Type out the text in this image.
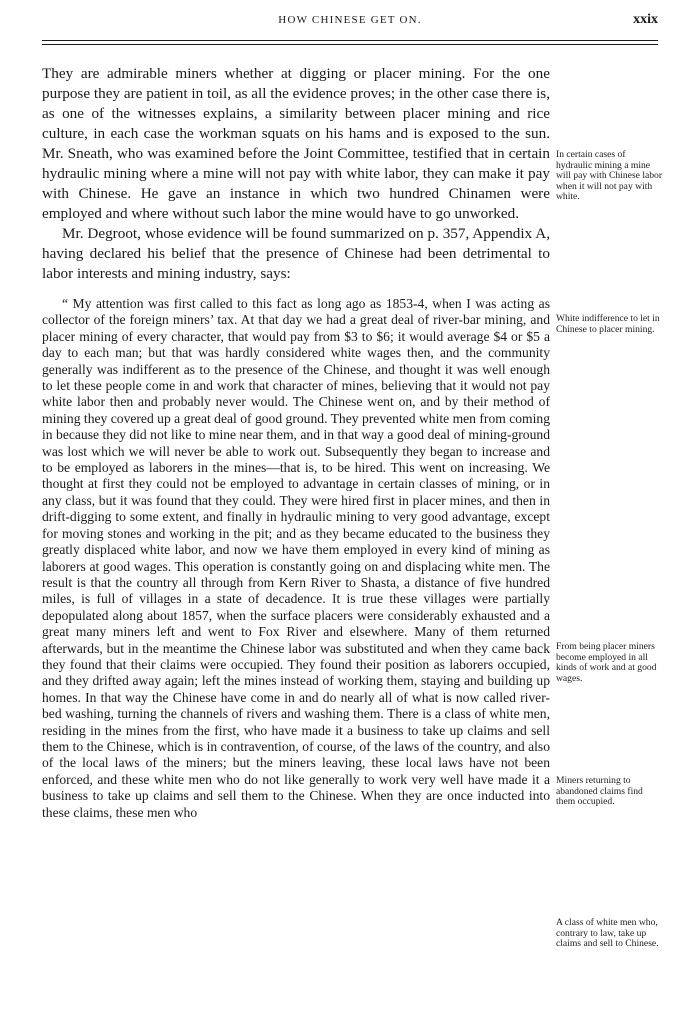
HOW CHINESE GET ON.	xxix

They are admirable miners whether at digging or placer mining. For the one purpose they are patient in toil, as all the evidence proves; in the other case there is, as one of the witnesses explains, a similarity between placer mining and rice culture, in each case the workman squats on his hams and is exposed to the sun. Mr. Sneath, who was examined before the Joint Committee, testified that in certain hydraulic mining where a mine will not pay with white labor, they can make it pay with Chinese. He gave an instance in which two hundred Chinamen were employed and where without such labor the mine would have to go unworked.

Mr. Degroot, whose evidence will be found summarized on p. 357, Appendix A, having declared his belief that the presence of Chinese had been detrimental to labor interests and mining industry, says:

“ My attention was first called to this fact as long ago as 1853-4, when I was acting as collector of the foreign miners’ tax. At that day we had a great deal of river-bar mining, and placer mining of every character, that would pay from $3 to $6; it would average $4 or $5 a day to each man; but that was hardly considered white wages then, and the community generally was indifferent as to the presence of the Chinese, and thought it was well enough to let these people come in and work that character of mines, believing that it would not pay white labor then and probably never would. The Chinese went on, and by their method of mining they covered up a great deal of good ground. They prevented white men from coming in because they did not like to mine near them, and in that way a good deal of mining-ground was lost which we will never be able to work out. Subsequently they began to increase and to be employed as laborers in the mines—that is, to be hired. This went on increasing. We thought at first they could not be employed to advantage in certain classes of mining, or in any class, but it was found that they could. They were hired first in placer mines, and then in drift-digging to some extent, and finally in hydraulic mining to very good advantage, except for moving stones and working in the pit; and as they became educated to the business they greatly displaced white labor, and now we have them employed in every kind of mining as laborers at good wages. This operation is constantly going on and displacing white men. The result is that the country all through from Kern River to Shasta, a distance of five hundred miles, is full of villages in a state of decadence. It is true these villages were partially depopulated along about 1857, when the surface placers were considerably exhausted and a great many miners left and went to Fox River and elsewhere. Many of them returned afterwards, but in the meantime the Chinese labor was substituted and when they came back they found that their claims were occupied. They found their position as laborers occupied, and they drifted away again; left the mines instead of working them, staying and building up homes. In that way the Chinese have come in and do nearly all of what is now called river-bed washing, turning the channels of rivers and washing them. There is a class of white men, residing in the mines from the first, who have made it a business to take up claims and sell them to the Chinese, which is in contravention, of course, of the laws of the country, and also of the local laws of the miners; but the miners leaving, these local laws have not been enforced, and these white men who do not like generally to work very well have made it a business to take up claims and sell them to the Chinese. When they are once inducted into these claims, these men who

In certain cases of hydraulic mining a mine will pay with Chinese labor when it will not pay with white.

White indifference to let in Chinese to placer mining.

From being placer miners become employed in all kinds of work and at good wages.

Miners returning to abandoned claims find them occupied.

A class of white men who, contrary to law, take up claims and sell to Chinese.
